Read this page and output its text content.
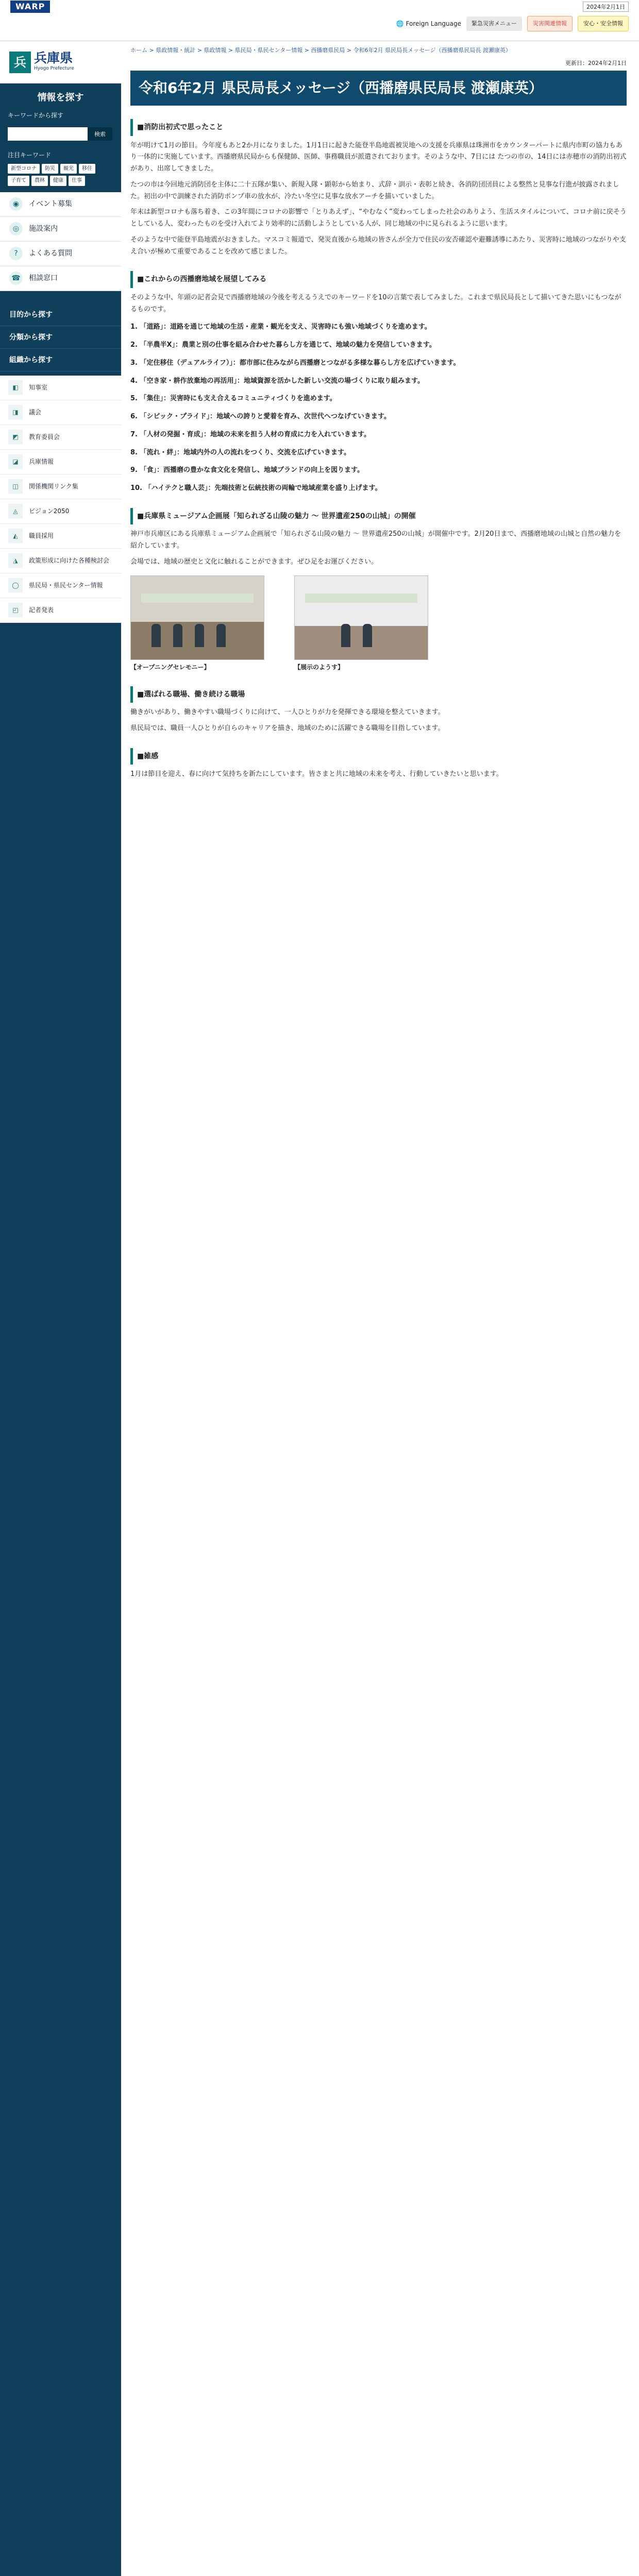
WARP	2024年2月1日
🌐 Foreign Language	緊急災害メニュー	災害関連情報	安心・安全情報
兵 兵庫県
Hyogo Prefecture
情報を探す
キーワードから探す
検索
注目キーワード
新型コロナ	防災	観光	移住
子育て	農林	健康	仕事
◉	イベント募集
◎	施設案内
?	よくある質問
☎	相談窓口
目的から探す
分類から探す
組織から探す
◧	知事室
◨	議会
◩	教育委員会
◪	兵庫情報
◫	関係機関リンク集
◬	ビジョン2050
◭	職員採用
◮	政策形成に向けた各種検討会
◯	県民局・県民センター情報
◰	記者発表
ホーム > 県政情報・統計 > 県政情報 > 県民局・県民センター情報 > 西播磨県民局 > 令和6年2月 県民局長メッセージ（西播磨県民局長 渡瀬康英）
更新日：2024年2月1日
令和6年2月 県民局長メッセージ（西播磨県民局長 渡瀬康英）
■消防出初式で思ったこと

年が明けて1月の節目。今年度もあと2か月になりました。1月1日に起きた能登半島地震被災地への支援を兵庫県は珠洲市をカウンターパートに県内市町の協力もあり一体的に実施しています。西播磨県民局からも保健師、医師、事務職員が派遣されております。そのような中、7日には たつの市の、14日には赤穂市の消防出初式があり、出席してきました。

たつの市は今回地元消防団を主体に二十五隊が集い、新規入隊・顕彰から始まり、式辞・訓示・表彰と続き、各消防団団員による整然と見事な行進が披露されました。初出の中で訓練された消防ポンプ車の放水が、冷たい冬空に見事な放水アーチを描いていました。

年末は新型コロナも落ち着き、この3年間にコロナの影響で「とりあえず」、“やむなく”変わってしまった社会のありよう、生活スタイルについて、コロナ前に戻そうとしている人、変わったものを受け入れてより効率的に活動しようとしている人が、同じ地域の中に見られるように思います。

そのような中で能登半島地震がおきました。マスコミ報道で、発災直後から地域の皆さんが全力で住民の安否確認や避難誘導にあたり、災害時に地域のつながりや支え合いが極めて重要であることを改めて感じました。

■これからの西播磨地域を展望してみる

そのような中、年頭の記者会見で西播磨地域の今後を考えるうえでのキーワードを10の言葉で表してみました。これまで県民局長として描いてきた思いにもつながるものです。

1. 「道路」：道路を通じて地域の生活・産業・観光を支え、災害時にも強い地域づくりを進めます。

2. 「半農半X」：農業と別の仕事を組み合わせた暮らし方を通じて、地域の魅力を発信していきます。

3. 「定住移住（デュアルライフ）」：都市部に住みながら西播磨とつながる多様な暮らし方を広げていきます。

4. 「空き家・耕作放棄地の再活用」：地域資源を活かした新しい交流の場づくりに取り組みます。

5. 「集住」：災害時にも支え合えるコミュニティづくりを進めます。

6. 「シビック・プライド」：地域への誇りと愛着を育み、次世代へつなげていきます。

7. 「人材の発掘・育成」：地域の未来を担う人材の育成に力を入れていきます。

8. 「流れ・絆」：地域内外の人の流れをつくり、交流を広げていきます。

9. 「食」：西播磨の豊かな食文化を発信し、地域ブランドの向上を図ります。

10. 「ハイテクと職人芸」：先端技術と伝統技術の両輪で地域産業を盛り上げます。

■兵庫県ミュージアム企画展「知られざる山陵の魅力 ～ 世界遺産250の山城」の開催

神戸市兵庫区にある兵庫県ミュージアム企画展で「知られざる山陵の魅力 ～ 世界遺産250の山城」が開催中です。2月20日まで、西播磨地域の山城と自然の魅力を紹介しています。

会場では、地域の歴史と文化に触れることができます。ぜひ足をお運びください。

【オープニングセレモニー】	【展示のようす】
■選ばれる職場、働き続ける職場

働きがいがあり、働きやすい職場づくりに向けて、一人ひとりが力を発揮できる環境を整えていきます。

県民局では、職員一人ひとりが自らのキャリアを描き、地域のために活躍できる職場を目指しています。

■雑感

1月は節目を迎え、春に向けて気持ちを新たにしています。皆さまと共に地域の未来を考え、行動していきたいと思います。
